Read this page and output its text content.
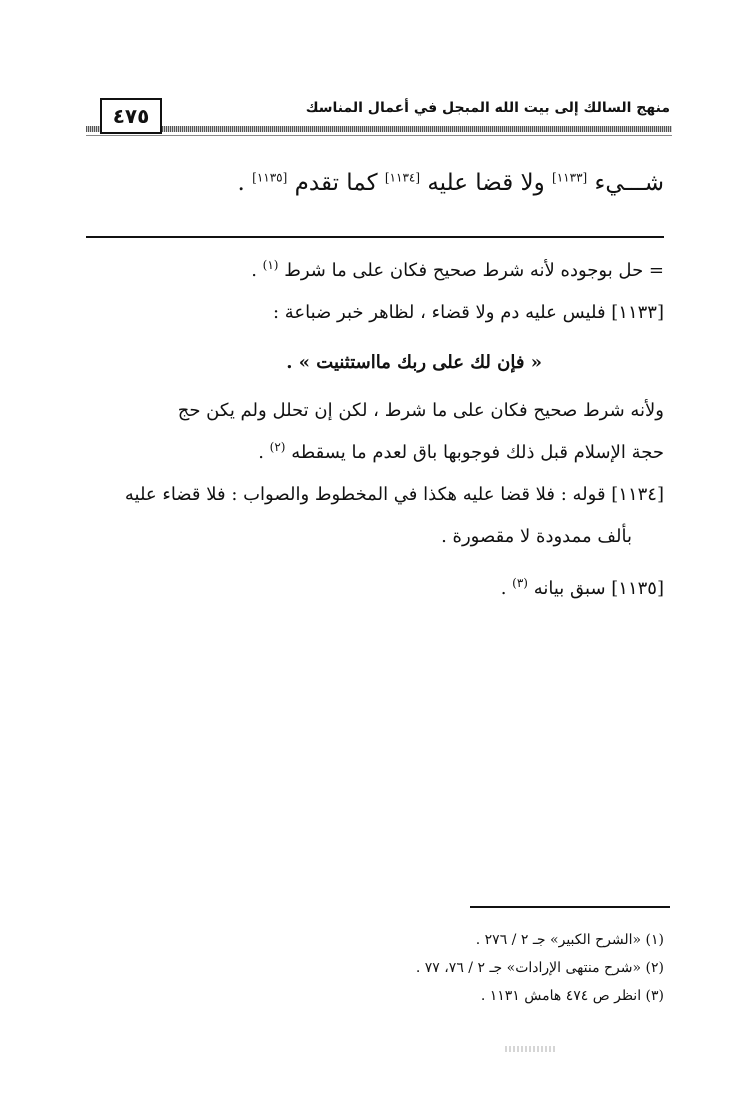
٤٧٥	منهج السالك إلى بيت الله المبجل في أعمال المناسك
شـــيء [١١٣٣] ولا قضا عليه [١١٣٤] كما تقدم [١١٣٥] .
= حل بوجوده لأنه شرط صحيح فكان على ما شرط $^{(١)}$ .
[١١٣٣] فليس عليه دم ولا قضاء ، لظاهر خبر ضباعة :
« فإن لك على ربك مااستثنيت » .
ولأنه شرط صحيح فكان على ما شرط ، لكن إن تحلل ولم يكن حج
حجة الإسلام قبل ذلك فوجوبها باق لعدم ما يسقطه $^{(٢)}$ .
[١١٣٤] قوله : فلا قضا عليه هكذا في المخطوط والصواب : فلا قضاء عليه
بألف ممدودة لا مقصورة .
[١١٣٥] سبق بيانه $^{(٣)}$ .
(١) «الشرح الكبير» جـ ٢ / ٢٧٦ .
(٢) «شرح منتهى الإرادات» جـ ٢ / ٧٦، ٧٧ .
(٣) انظر ص ٤٧٤ هامش ١١٣١ .
